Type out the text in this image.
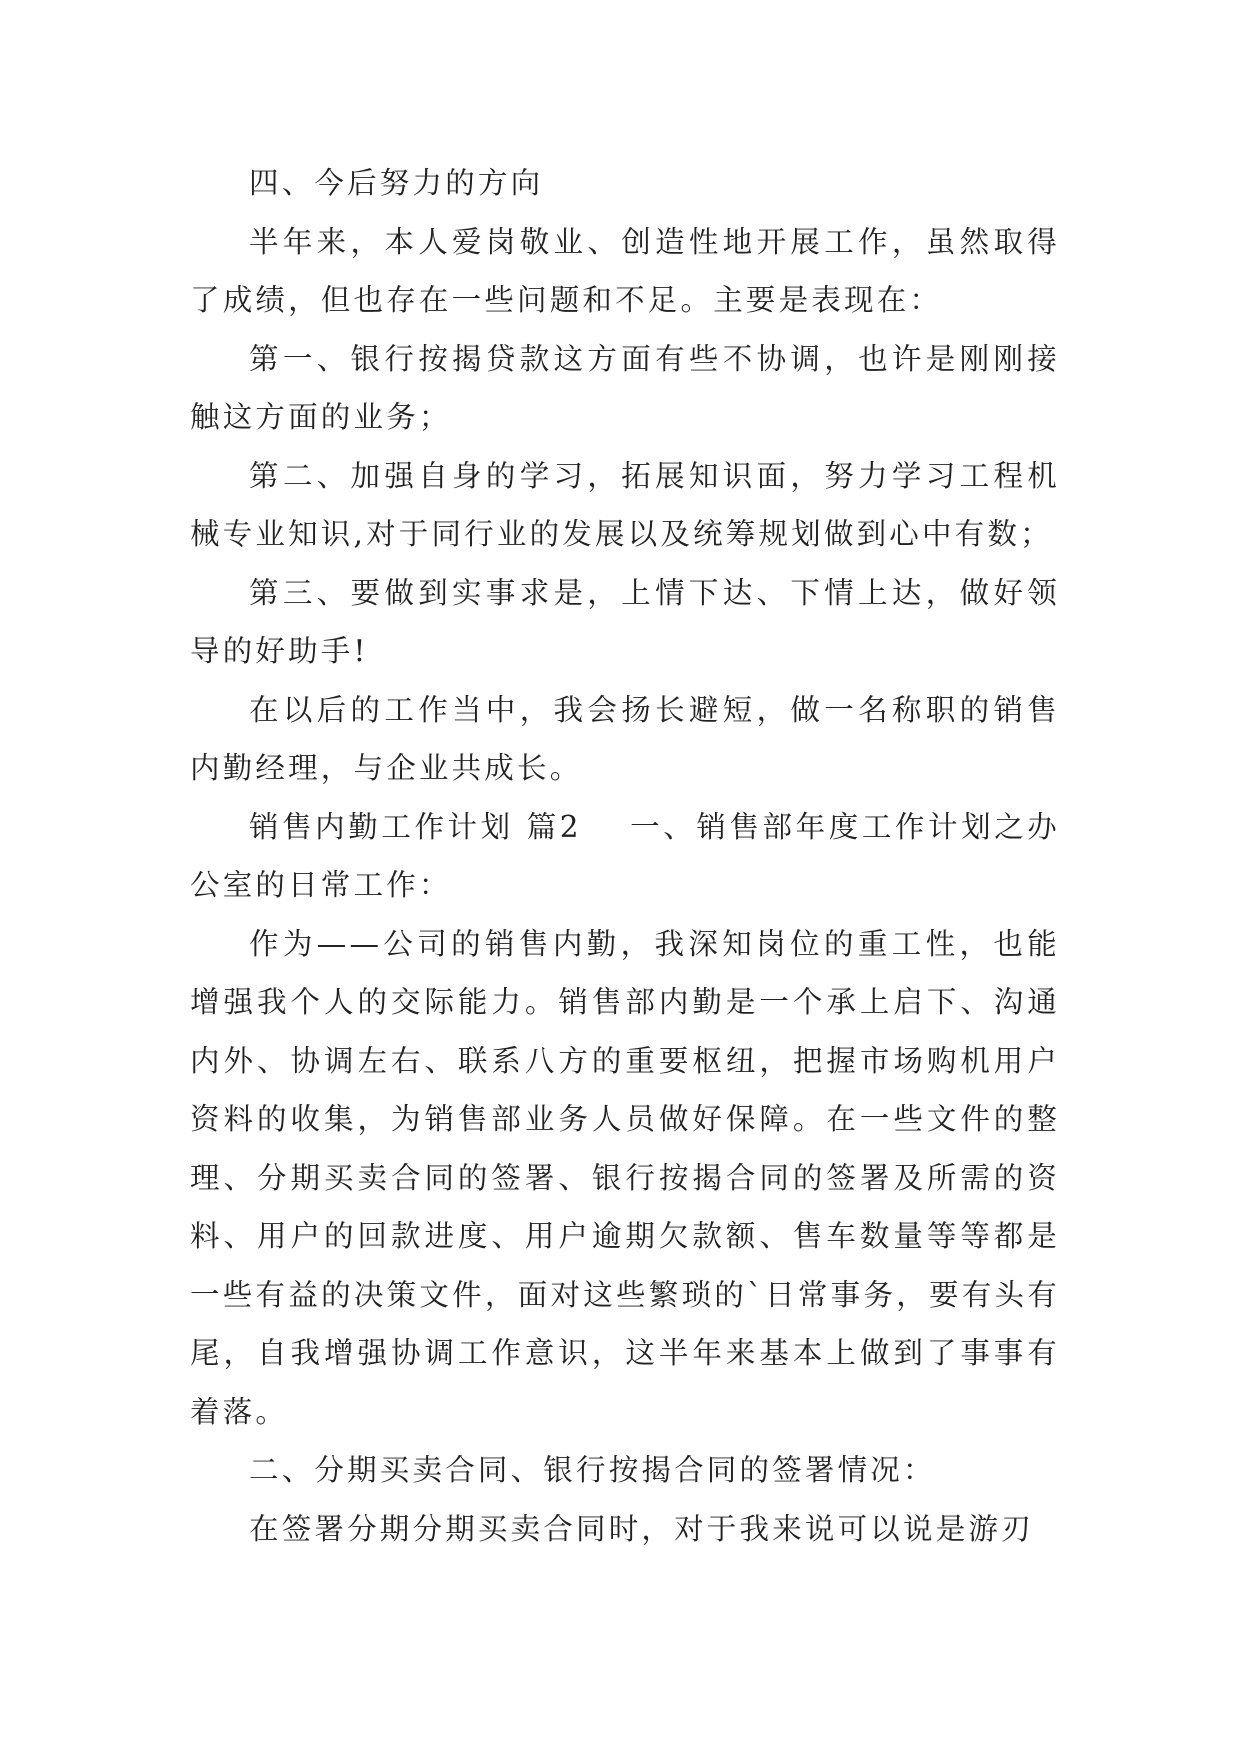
四、今后努力的方向

半年来，本人爱岗敬业、创造性地开展工作，虽然取得了成绩，但也存在一些问题和不足。主要是表现在：

第一、银行按揭贷款这方面有些不协调，也许是刚刚接触这方面的业务；

第二、加强自身的学习，拓展知识面，努力学习工程机械专业知识,对于同行业的发展以及统筹规划做到心中有数；

第三、要做到实事求是，上情下达、下情上达，做好领导的好助手!

在以后的工作当中，我会扬长避短，做一名称职的销售内勤经理，与企业共成长。

销售内勤工作计划 篇2 一、销售部年度工作计划之办公室的日常工作：

作为——公司的销售内勤，我深知岗位的重工性，也能增强我个人的交际能力。销售部内勤是一个承上启下、沟通内外、协调左右、联系八方的重要枢纽，把握市场购机用户资料的收集，为销售部业务人员做好保障。在一些文件的整理、分期买卖合同的签署、银行按揭合同的签署及所需的资料、用户的回款进度、用户逾期欠款额、售车数量等等都是一些有益的决策文件，面对这些繁琐的`日常事务，要有头有尾，自我增强协调工作意识，这半年来基本上做到了事事有着落。

二、分期买卖合同、银行按揭合同的签署情况：

在签署分期分期买卖合同时，对于我来说可以说是游刃
